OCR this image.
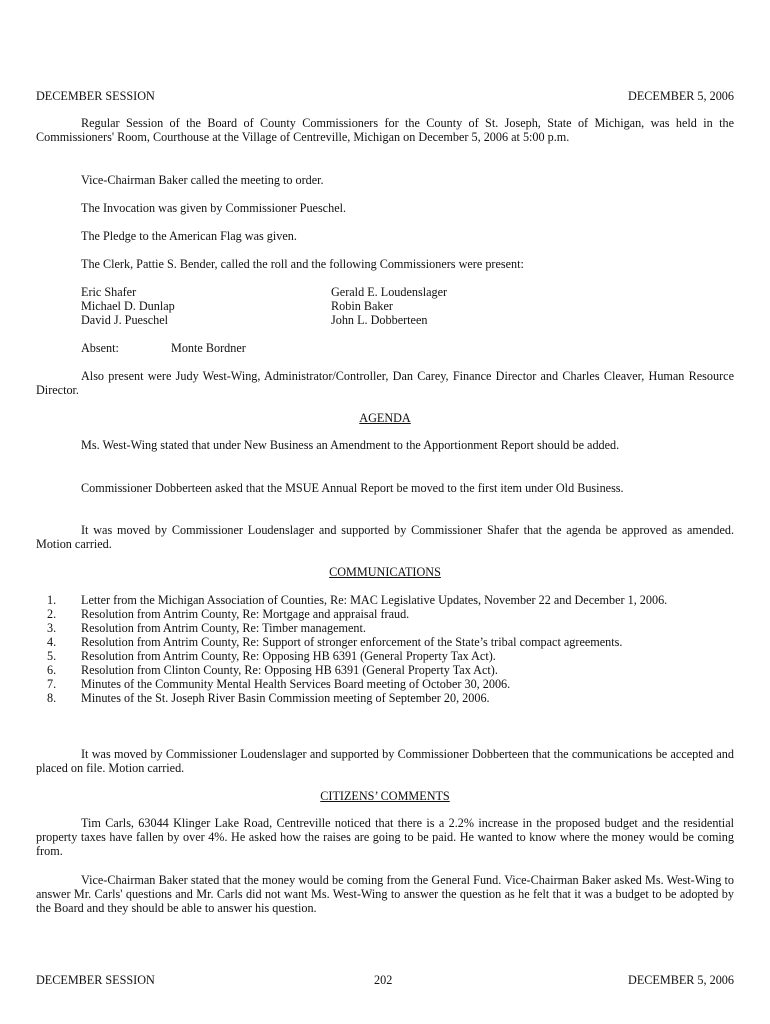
DECEMBER SESSION	DECEMBER 5, 2006

Regular Session of the Board of County Commissioners for the County of St. Joseph, State of Michigan, was held in the Commissioners' Room, Courthouse at the Village of Centreville, Michigan on December 5, 2006 at 5:00 p.m.

Vice-Chairman Baker called the meeting to order.
The Invocation was given by Commissioner Pueschel.
The Pledge to the American Flag was given.
The Clerk, Pattie S. Bender, called the roll and the following Commissioners were present:
Eric Shafer
Michael D. Dunlap
David J. Pueschel
Gerald E. Loudenslager
Robin Baker
John L. Dobberteen
Absent:	Monte Bordner

Also present were Judy West-Wing, Administrator/Controller, Dan Carey, Finance Director and Charles Cleaver, Human Resource Director.

AGENDA

Ms. West-Wing stated that under New Business an Amendment to the Apportionment Report should be added.

Commissioner Dobberteen asked that the MSUE Annual Report be moved to the first item under Old Business.

It was moved by Commissioner Loudenslager and supported by Commissioner Shafer that the agenda be approved as amended. Motion carried.

COMMUNICATIONS
1.	Letter from the Michigan Association of Counties, Re: MAC Legislative Updates, November 22 and December 1, 2006.
2.	Resolution from Antrim County, Re: Mortgage and appraisal fraud.
3.	Resolution from Antrim County, Re: Timber management.
4.	Resolution from Antrim County, Re: Support of stronger enforcement of the State’s tribal compact agreements.
5.	Resolution from Antrim County, Re: Opposing HB 6391 (General Property Tax Act).
6.	Resolution from Clinton County, Re: Opposing HB 6391 (General Property Tax Act).
7.	Minutes of the Community Mental Health Services Board meeting of October 30, 2006.
8.	Minutes of the St. Joseph River Basin Commission meeting of September 20, 2006.

It was moved by Commissioner Loudenslager and supported by Commissioner Dobberteen that the communications be accepted and placed on file. Motion carried.

CITIZENS’ COMMENTS

Tim Carls, 63044 Klinger Lake Road, Centreville noticed that there is a 2.2% increase in the proposed budget and the residential property taxes have fallen by over 4%. He asked how the raises are going to be paid. He wanted to know where the money would be coming from.

Vice-Chairman Baker stated that the money would be coming from the General Fund. Vice-Chairman Baker asked Ms. West-Wing to answer Mr. Carls' questions and Mr. Carls did not want Ms. West-Wing to answer the question as he felt that it was a budget to be adopted by the Board and they should be able to answer his question.

DECEMBER SESSION	202	DECEMBER 5, 2006
